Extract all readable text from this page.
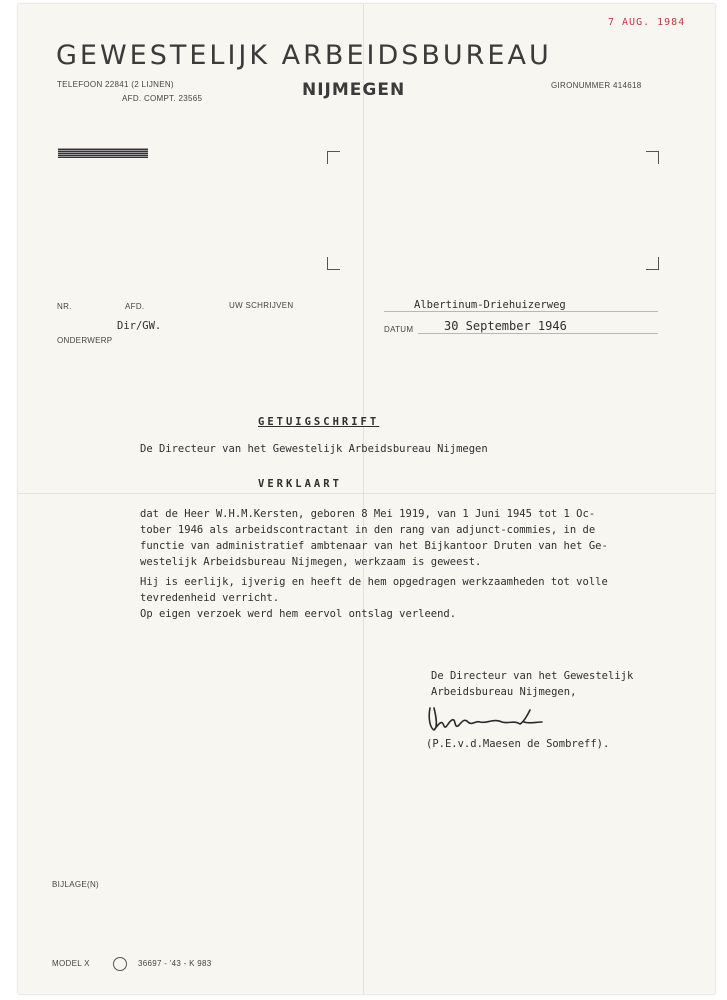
7 AUG. 1984
GEWESTELIJK ARBEIDSBUREAU
TELEFOON 22841 (2 LIJNEN)
AFD. COMPT. 23565	NIJMEGEN	GIRONUMMER 414618
NR.	AFD.	UW SCHRIJVEN	Albertinum-Driehuizerweg
Dir/GW.	DATUM	30 September 1946
ONDERWERP
GETUIGSCHRIFT
De Directeur van het Gewestelijk Arbeidsbureau Nijmegen
VERKLAART
dat de Heer W.H.M.Kersten, geboren 8 Mei 1919, van 1 Juni 1945 tot 1 Oc-
tober 1946 als arbeidscontractant in den rang van adjunct-commies, in de
functie van administratief ambtenaar van het Bijkantoor Druten van het Ge-
westelijk Arbeidsbureau Nijmegen, werkzaam is geweest.
Hij is eerlijk, ijverig en heeft de hem opgedragen werkzaamheden tot volle
tevredenheid verricht.
Op eigen verzoek werd hem eervol ontslag verleend.
De Directeur van het Gewestelijk
Arbeidsbureau Nijmegen,
(P.E.v.d.Maesen de Sombreff).
BIJLAGE(N)
MODEL X	36697 - '43 - K 983
